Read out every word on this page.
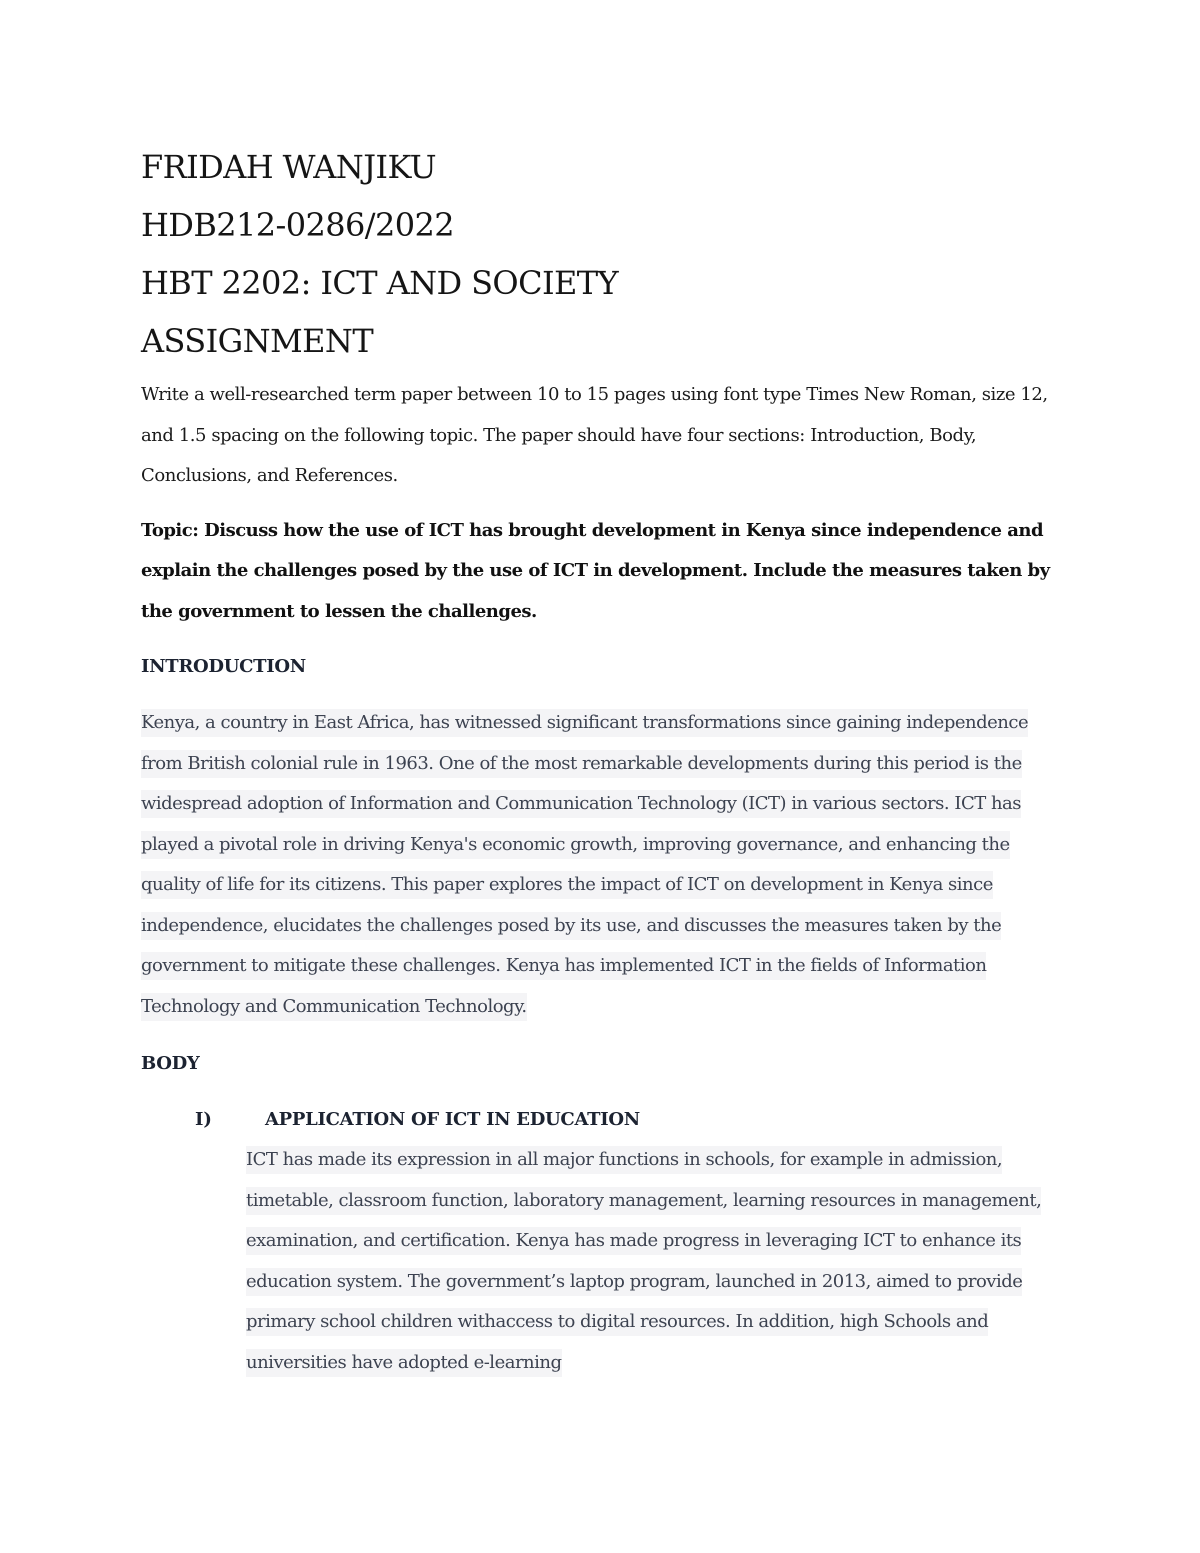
FRIDAH WANJIKU
HDB212-0286/2022
HBT 2202: ICT AND SOCIETY
ASSIGNMENT

Write a well-researched term paper between 10 to 15 pages using font type Times New Roman, size 12, and 1.5 spacing on the following topic. The paper should have four sections: Introduction, Body, Conclusions, and References.

Topic: Discuss how the use of ICT has brought development in Kenya since independence and explain the challenges posed by the use of ICT in development. Include the measures taken by the government to lessen the challenges.

INTRODUCTION
Kenya, a country in East Africa, has witnessed significant transformations since gaining independence from British colonial rule in 1963. One of the most remarkable developments during this period is the widespread adoption of Information and Communication Technology (ICT) in various sectors. ICT has played a pivotal role in driving Kenya's economic growth, improving governance, and enhancing the quality of life for its citizens. This paper explores the impact of ICT on development in Kenya since independence, elucidates the challenges posed by its use, and discusses the measures taken by the government to mitigate these challenges. Kenya has implemented ICT in the fields of Information Technology and Communication Technology.
BODY
I)	APPLICATION OF ICT IN EDUCATION
ICT has made its expression in all major functions in schools, for example in admission, timetable, classroom function, laboratory management, learning resources in management, examination, and certification. Kenya has made progress in leveraging ICT to enhance its education system. The government’s laptop program, launched in 2013, aimed to provide primary school children withaccess to digital resources. In addition, high Schools and universities have adopted e-learning
